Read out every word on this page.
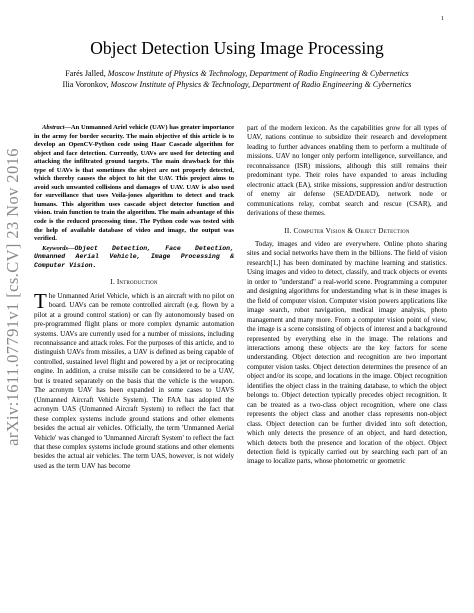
1
arXiv:1611.07791v1 [cs.CV] 23 Nov 2016
Object Detection Using Image Processing
Farés Jalled, Moscow Institute of Physics & Technology, Department of Radio Engineering & Cybernetics
Ilia Voronkov, Moscow Institute of Physics & Technology, Department of Radio Engineering & Cybernetics

Abstract—An Unmanned Ariel vehicle (UAV) has greater importance in the army for border security. The main objective of this article is to develop an OpenCV-Python code using Haar Cascade algorithm for object and face detection. Currently, UAVs are used for detecting and attacking the infiltrated ground targets. The main drawback for this type of UAVs is that sometimes the object are not properly detected, which thereby causes the object to hit the UAV. This project aims to avoid such unwanted collisions and damages of UAV. UAV is also used for surveillance that uses Voila-jones algorithm to detect and track humans. This algorithm uses cascade object detector function and vision. train function to train the algorithm. The main advantage of this code is the reduced processing time. The Python code was tested with the help of available database of video and image, the output was verified.

Keywords—Object Detection, Face Detection, Unmanned Aerial Vehicle, Image Processing & Computer Vision.

I. Introduction

The Unmanned Ariel Vehicle, which is an aircraft with no pilot on board. UAVs can be remote controlled aircraft (e.g. flown by a pilot at a ground control station) or can fly autonomously based on pre-programmed flight plans or more complex dynamic automation systems. UAVs are currently used for a number of missions, including reconnaissance and attack roles. For the purposes of this article, and to distinguish UAVs from missiles, a UAV is defined as being capable of controlled, sustained level flight and powered by a jet or reciprocating engine. In addition, a cruise missile can be considered to be a UAV, but is treated separately on the basis that the vehicle is the weapon. The acronym UAV has been expanded in some cases to UAVS (Unmanned Aircraft Vehicle System). The FAA has adopted the acronym UAS (Unmanned Aircraft System) to reflect the fact that these complex systems include ground stations and other elements besides the actual air vehicles. Officially, the term 'Unmanned Aerial Vehicle' was changed to 'Unmanned Aircraft System' to reflect the fact that these complex systems include ground stations and other elements besides the actual air vehicles. The term UAS, however, is not widely used as the term UAV has become

part of the modern lexicon. As the capabilities grow for all types of UAV, nations continue to subsidize their research and development leading to further advances enabling them to perform a multitude of missions. UAV no longer only perform intelligence, surveillance, and reconnaissance (ISR) missions, although this still remains their predominant type. Their roles have expanded to areas including electronic attack (EA), strike missions, suppression and/or destruction of enemy air defense (SEAD/DEAD), network node or communications relay, combat search and rescue (CSAR), and derivations of these themes.

II. Computer Vision & Object Detection

Today, images and video are everywhere. Online photo sharing sites and social networks have them in the billions. The field of vision research[1,] has been dominated by machine learning and statistics. Using images and video to detect, classify, and track objects or events in order to "understand" a real-world scene. Programming a computer and designing algorithms for understanding what is in these images is the field of computer vision. Computer vision powers applications like image search, robot navigation, medical image analysis, photo management and many more. From a computer vision point of view, the image is a scene consisting of objects of interest and a background represented by everything else in the image. The relations and interactions among these objects are the key factors for scene understanding. Object detection and recognition are two important computer vision tasks. Object detection determines the presence of an object and/or its scope, and locations in the image. Object recognition identifies the object class in the training database, to which the object belongs to. Object detection typically precedes object recognition. It can be treated as a two-class object recognition, where one class represents the object class and another class represents non-object class. Object detection can be further divided into soft detection, which only detects the presence of an object, and hard detection, which detects both the presence and location of the object. Object detection field is typically carried out by searching each part of an image to localize parts, whose photometric or geometric
